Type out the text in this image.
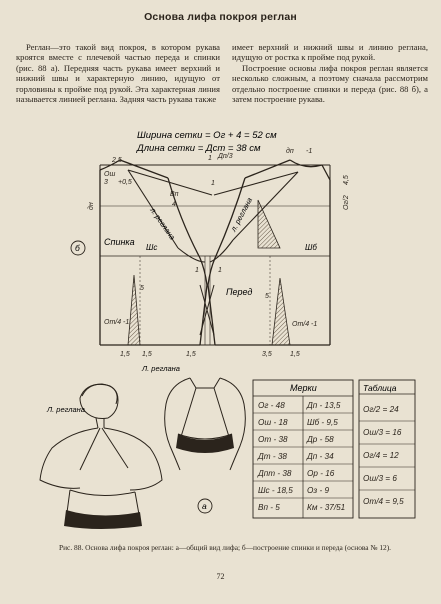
Основа лифа покроя реглан

Реглан—это такой вид покроя, в котором рукава кроятся вместе с плечевой частью переда и спинки (рис. 88 а). Передняя часть рукава имеет верхний и нижний швы и характерную линию, идущую от горловины к пройме под рукой. Эта характерная линия называется линией реглана. Задняя часть рукава также

имеет верхний и нижний швы и линию реглана, идущую от ростка к пройме под рукой.

Построение основы лифа покроя реглан является несколько сложным, а поэтому сначала рассмотрим отдельно построение спинки и переда (рис. 88 б), а затем построение рукава.

Ширина сетки = Ог + 4 = 52 см
Длина сетки = Дст = 38 см
б
Спинка
Перед
Шс	Шб
л. реглана	л. реглана
2,5
Ош
3 +0,5
дн
Вп
4
Дп/3
дп -1
Ог/2
4,5
1
1
1	1
5
5
От/4 -1	От/4 -1
1,5 1,5	1,5	3,5	1,5
Л. реглана
Л. реглана
а
Мерки	Таблица
Ог - 48	Дп - 13,5
Ош - 18 Шб - 9,5
От - 38 Др - 58
Дт - 38 Дп - 34
Дпт - 38 Ор - 16
Шс - 18,5 Оз - 9
Вп - 5	Км - 37/51
Ог/2 = 24
Ош/3 = 16
Ог/4 = 12
Ош/3 = 6
От/4 = 9,5
Рис. 88. Основа лифа покроя реглан: а—общий вид лифа; б—построение спинки и переда (основа № 12).
72
